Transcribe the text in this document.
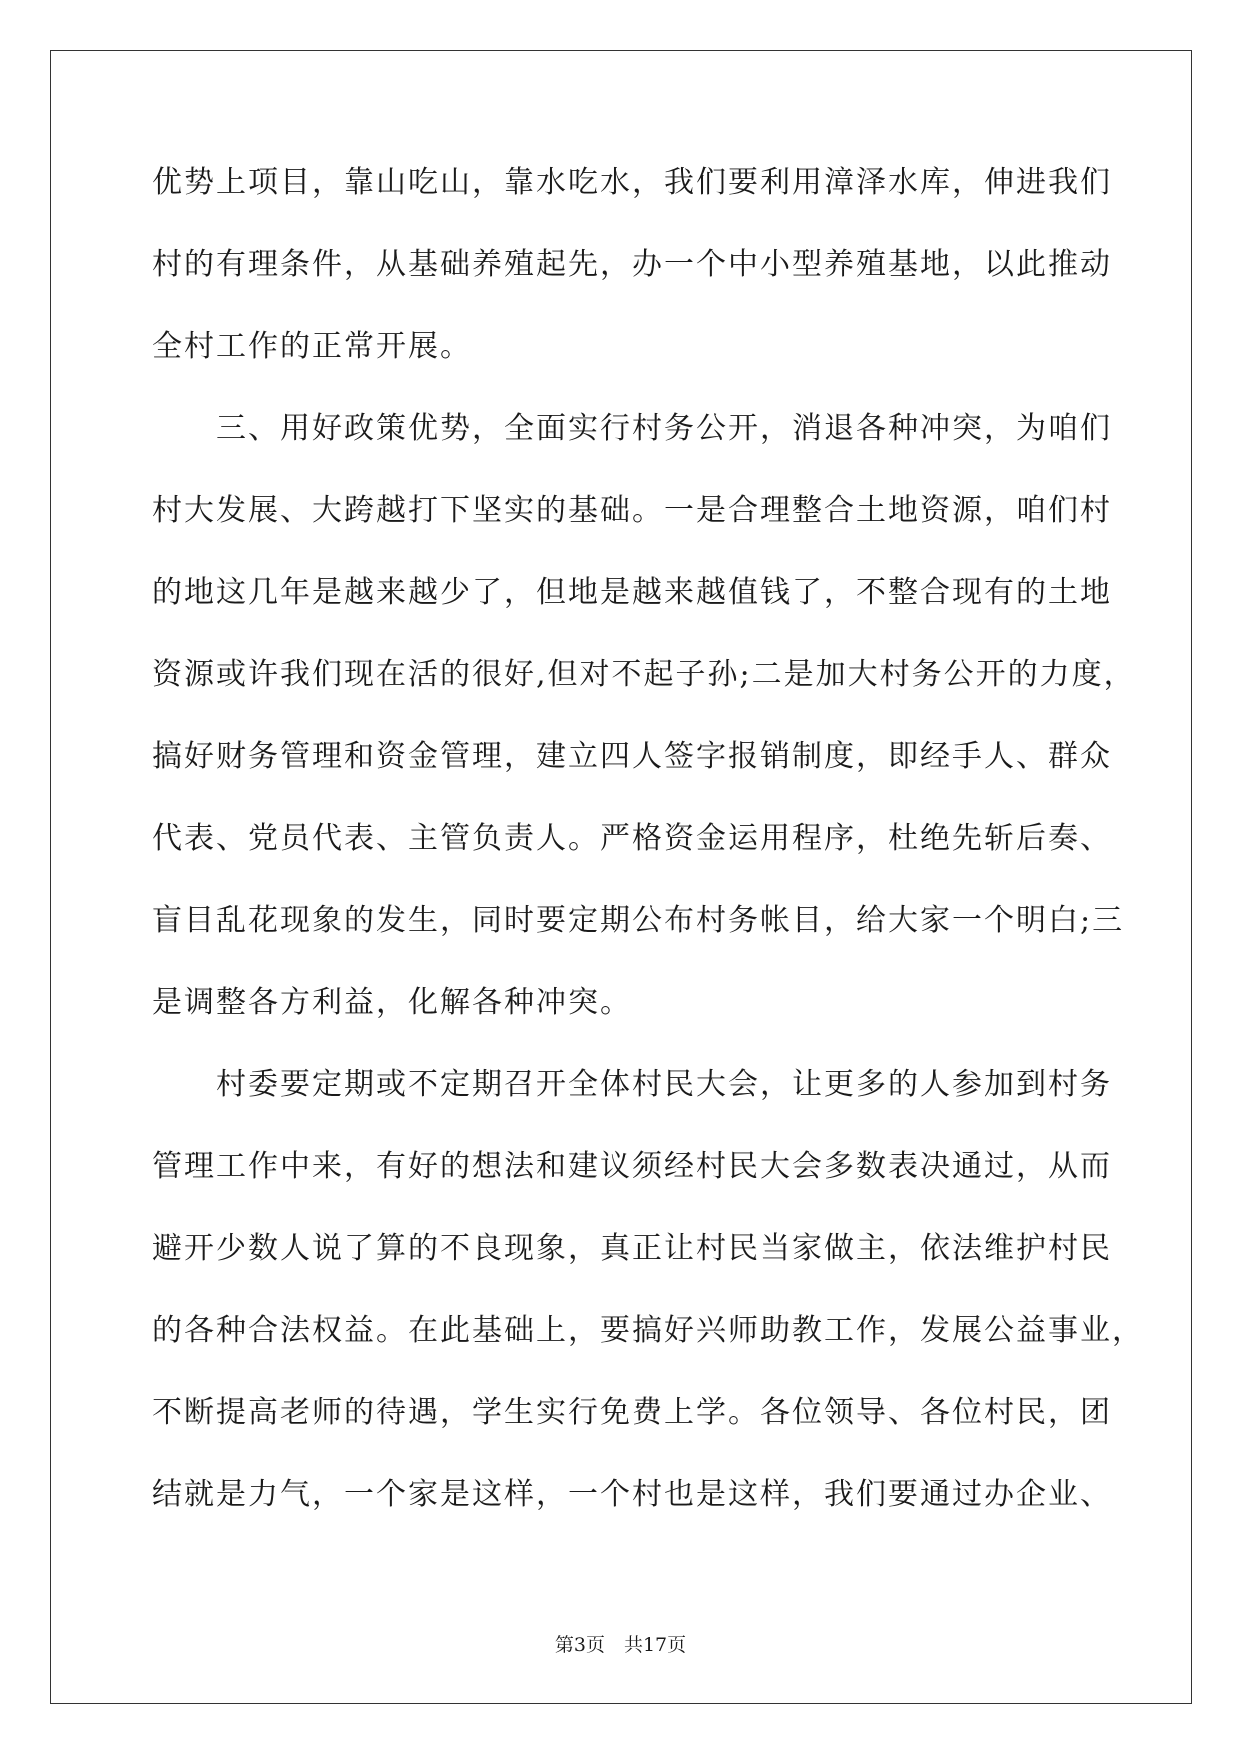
优势上项目，靠山吃山，靠水吃水，我们要利用漳泽水库，伸进我们
村的有理条件，从基础养殖起先，办一个中小型养殖基地，以此推动
全村工作的正常开展。
　　三、用好政策优势，全面实行村务公开，消退各种冲突，为咱们
村大发展、大跨越打下坚实的基础。一是合理整合土地资源，咱们村
的地这几年是越来越少了，但地是越来越值钱了，不整合现有的土地
资源或许我们现在活的很好,但对不起子孙;二是加大村务公开的力度，
搞好财务管理和资金管理，建立四人签字报销制度，即经手人、群众
代表、党员代表、主管负责人。严格资金运用程序，杜绝先斩后奏、
盲目乱花现象的发生，同时要定期公布村务帐目，给大家一个明白;三
是调整各方利益，化解各种冲突。
　　村委要定期或不定期召开全体村民大会，让更多的人参加到村务
管理工作中来，有好的想法和建议须经村民大会多数表决通过，从而
避开少数人说了算的不良现象，真正让村民当家做主，依法维护村民
的各种合法权益。在此基础上，要搞好兴师助教工作，发展公益事业，
不断提高老师的待遇，学生实行免费上学。各位领导、各位村民，团
结就是力气，一个家是这样，一个村也是这样，我们要通过办企业、
第3页　共17页
